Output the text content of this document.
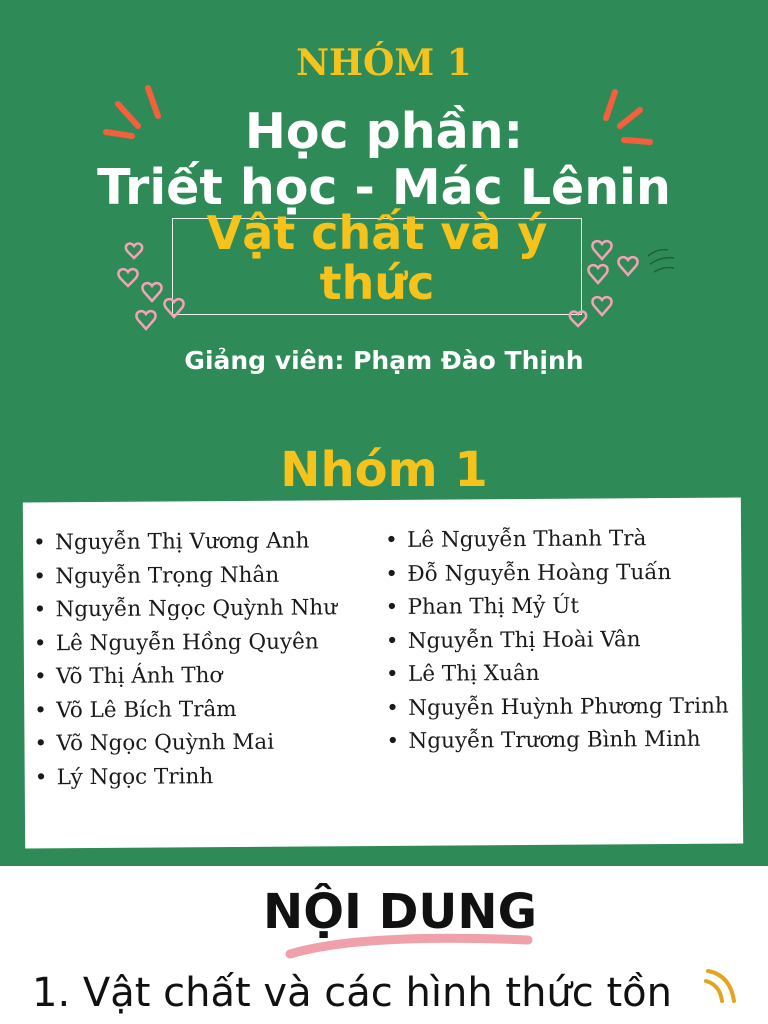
NHÓM 1
Học phần:
Triết học - Mác Lênin
Vật chất và ý thức
Giảng viên: Phạm Đào Thịnh
Nhóm 1
• Nguyễn Thị Vương Anh
• Nguyễn Trọng Nhân
• Nguyễn Ngọc Quỳnh Như
• Lê Nguyễn Hồng Quyên
• Võ Thị Ánh Thơ
• Võ Lê Bích Trâm
• Võ Ngọc Quỳnh Mai
• Lý Ngọc Trinh
• Lê Nguyễn Thanh Trà
• Đỗ Nguyễn Hoàng Tuấn
• Phan Thị Mỷ Út
• Nguyễn Thị Hoài Vân
• Lê Thị Xuân
• Nguyễn Huỳnh Phương Trinh
• Nguyễn Trương Bình Minh
NỘI DUNG
1. Vật chất và các hình thức tồn
